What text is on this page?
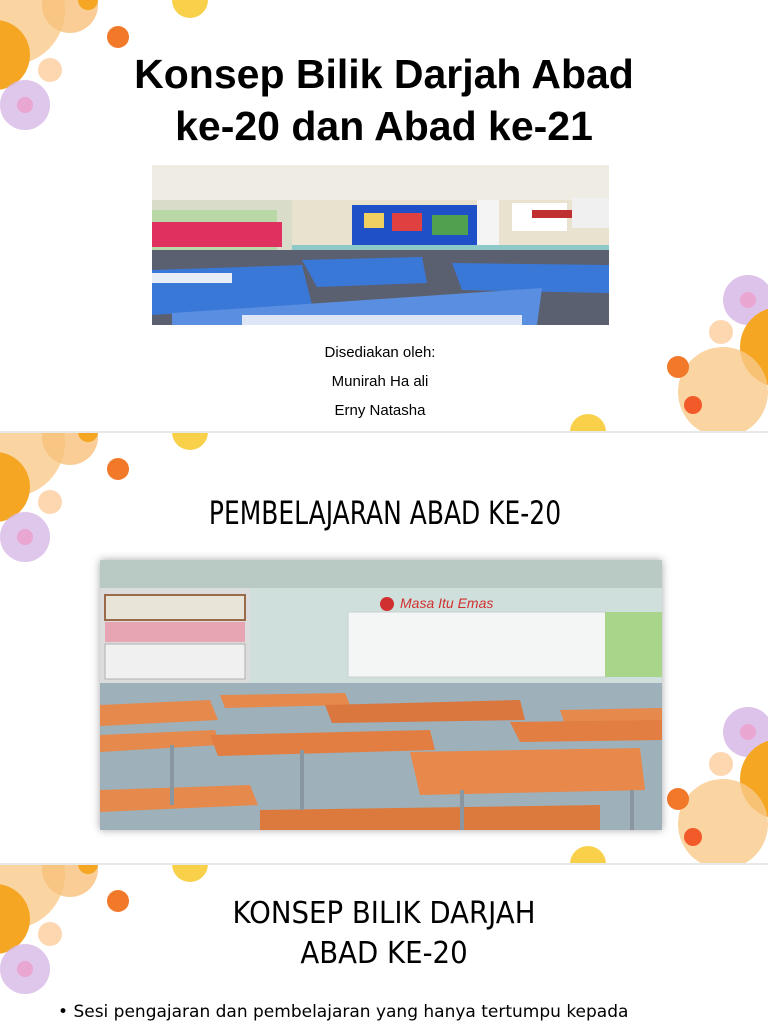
Konsep Bilik Darjah Abad
ke-20 dan Abad ke-21
Disediakan oleh:
Munirah Ha ali
Erny Natasha
PEMBELAJARAN ABAD KE-20
Masa Itu Emas
KONSEP BILIK DARJAH
ABAD KE-20
• Sesi pengajaran dan pembelajaran yang hanya tertumpu kepada
